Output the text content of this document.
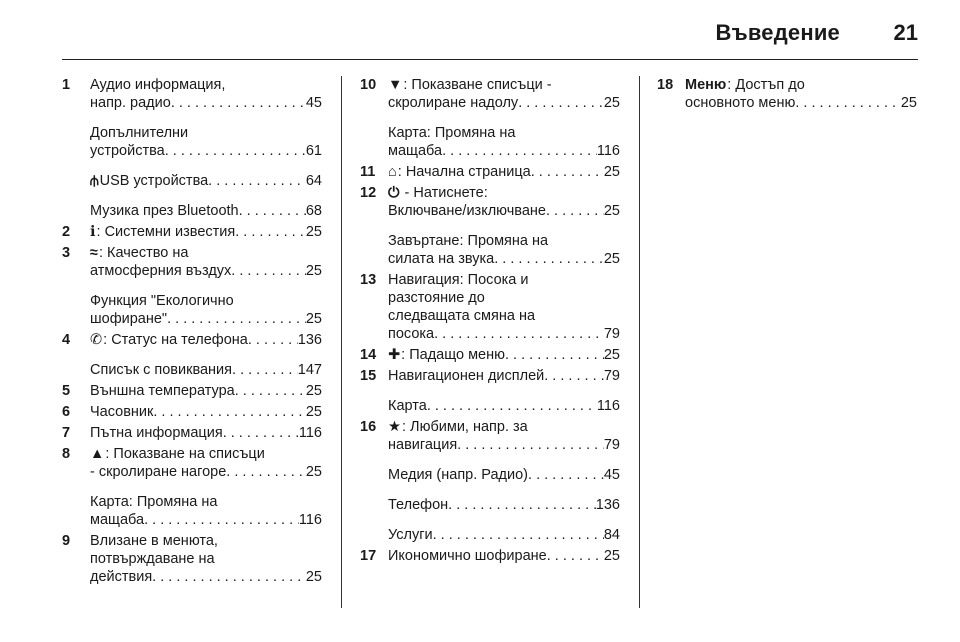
Въведение 21
1 Аудио информация,
напр. радио . . .	45
Допълнителни
устройства . . .	61
⫛USB устройства . . .	64
Музика през Bluetooth . . .	68
2 ℹ: Системни известия . . .	25
3 ≈: Качество на
атмосферния въздух . . .	25
Функция "Екологично
шофиране" . . .	25
4 ✆: Статус на телефона . . .	136
Списък с повиквания . . .	147
5 Външна температура . . .	25
6 Часовник . . .	25
7 Пътна информация . . .	116
8 ▲: Показване на списъци
- скролиране нагоре . . .	25
Карта: Промяна на
мащаба . . .	116
9 Влизане в менюта,
потвърждаване на
действия . . .	25
10 ▼: Показване списъци -
скролиране надолу . . .	25
Карта: Промяна на
мащаба . . .	116
11 ⌂: Начална страница . . .	25
12 ⏻ - Натиснете:
Включване/изключване . . .	25
Завъртане: Промяна на
силата на звука . . .	25
13 Навигация: Посока и
разстояние до
следващата смяна на
посока . . .	79
14 ✚: Падащо меню . . .	25
15 Навигационен дисплей . . .	79
Карта . . .	116
16 ★: Любими, напр. за
навигация . . .	79
Медия (напр. Радио) . . .	45
Телефон . . .	136
Услуги . . .	84
17 Икономично шофиране . . .	25
18 Меню: Достъп до
основното меню . . .	25
